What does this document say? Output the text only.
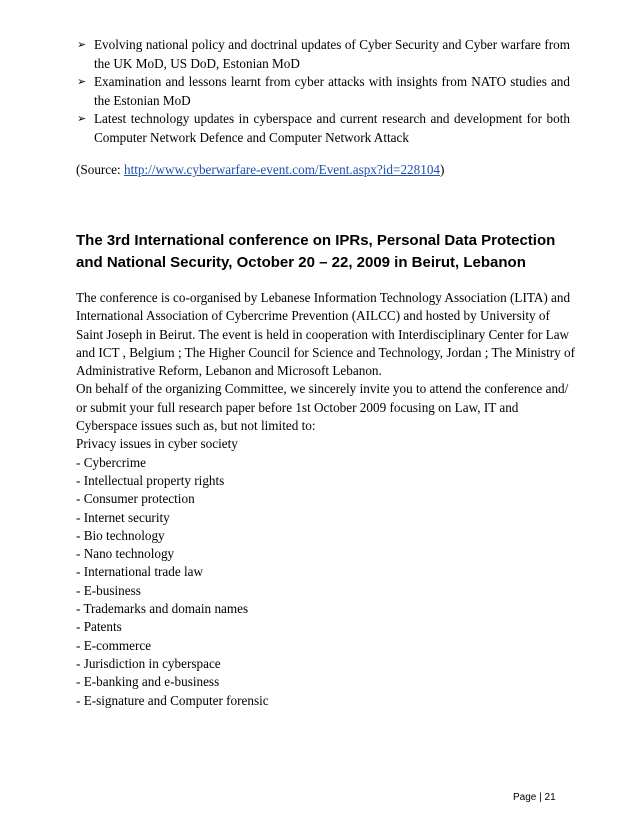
➢ Evolving national policy and doctrinal updates of Cyber Security and Cyber warfare from the UK MoD, US DoD, Estonian MoD
➢ Examination and lessons learnt from cyber attacks with insights from NATO studies and the Estonian MoD
➢ Latest technology updates in cyberspace and current research and development for both Computer Network Defence and Computer Network Attack
(Source: http://www.cyberwarfare-event.com/Event.aspx?id=228104)
The 3rd International conference on IPRs, Personal Data Protection and National Security, October 20 – 22, 2009 in Beirut, Lebanon

The conference is co-organised by Lebanese Information Technology Association (LITA) and International Association of Cybercrime Prevention (AILCC) and hosted by University of Saint Joseph in Beirut. The event is held in cooperation with Interdisciplinary Center for Law and ICT , Belgium ; The Higher Council for Science and Technology, Jordan ; The Ministry of Administrative Reform, Lebanon and Microsoft Lebanon.

On behalf of the organizing Committee, we sincerely invite you to attend the conference and/ or submit your full research paper before 1st October 2009 focusing on Law, IT and Cyberspace issues such as, but not limited to:

Privacy issues in cyber society

- Cybercrime
- Intellectual property rights
- Consumer protection
- Internet security
- Bio technology
- Nano technology
- International trade law
- E-business
- Trademarks and domain names
- Patents
- E-commerce
- Jurisdiction in cyberspace
- E-banking and e-business
- E-signature and Computer forensic
Page | 21
